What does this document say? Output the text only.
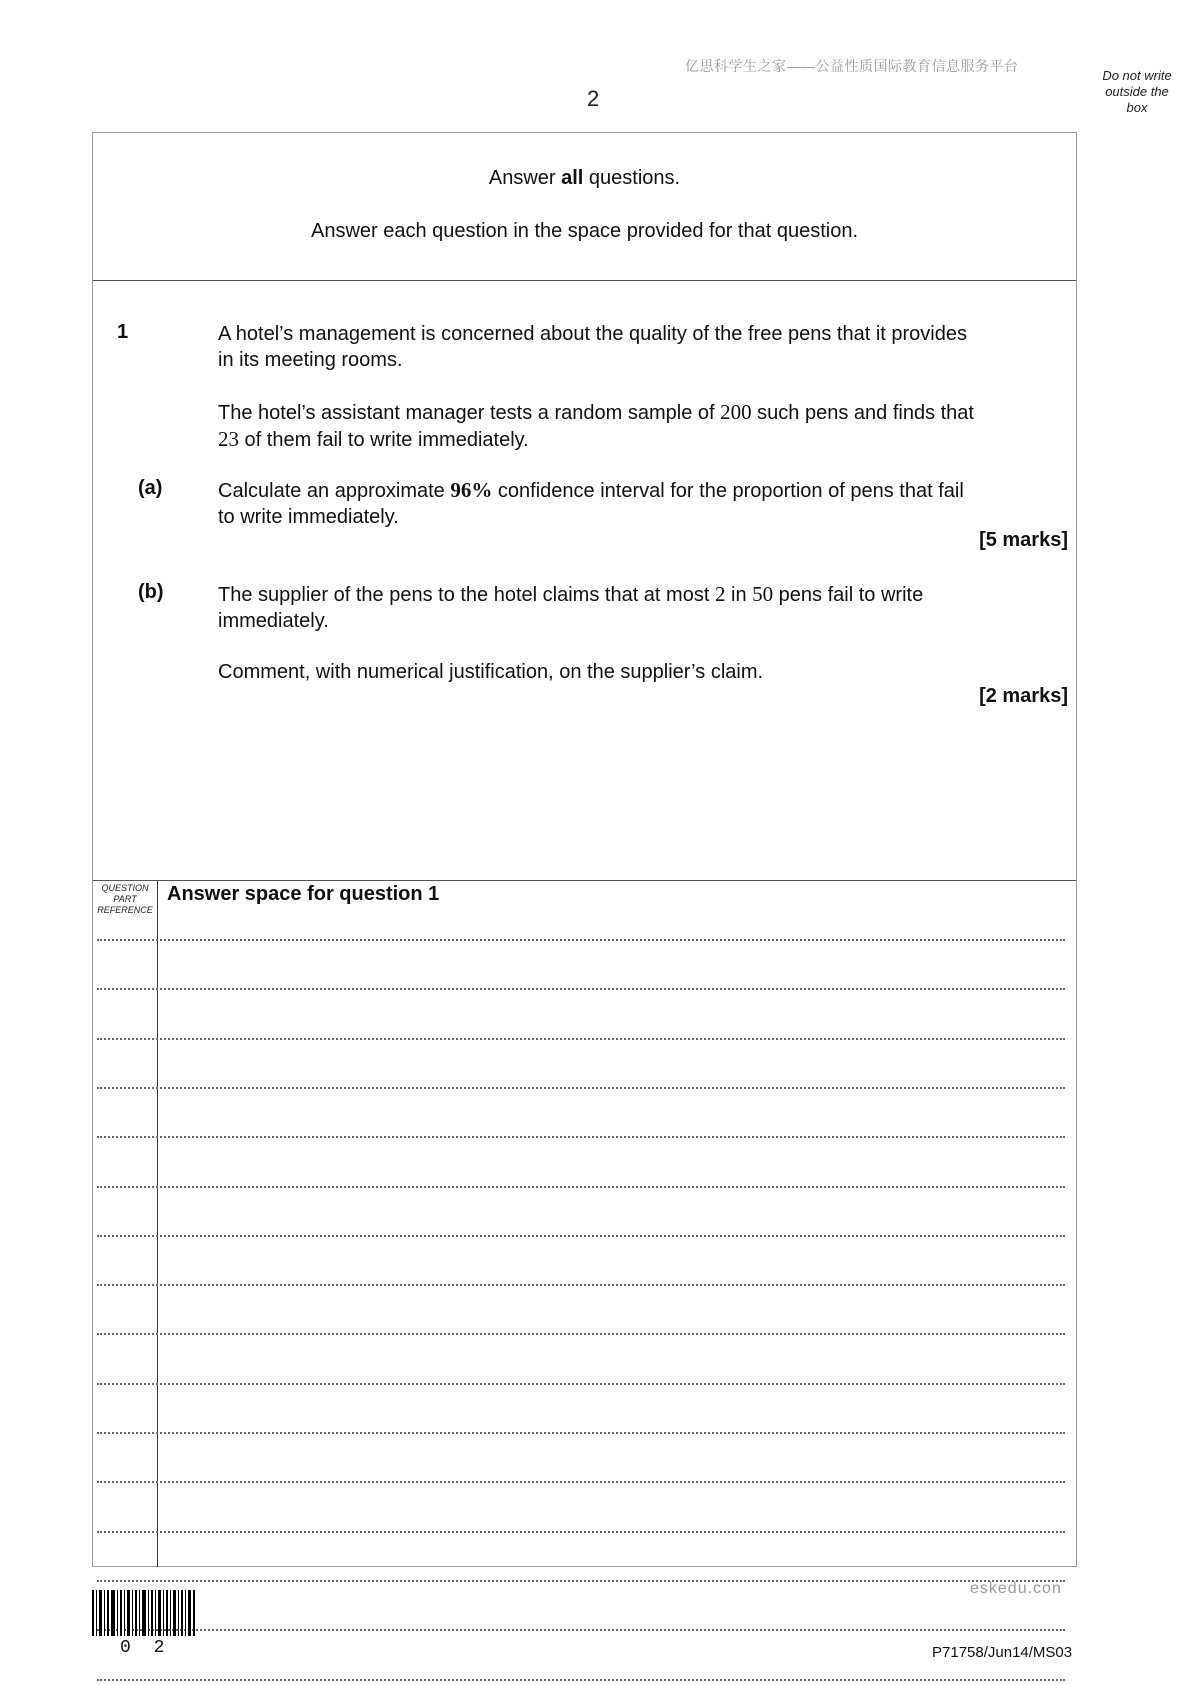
亿思科学生之家——公益性质国际教育信息服务平台
2
Do not write
outside the
box
Answer all questions.
Answer each question in the space provided for that question.
1	A hotel’s management is concerned about the quality of the free pens that it provides
in its meeting rooms.
The hotel’s assistant manager tests a random sample of 200 such pens and finds that
23 of them fail to write immediately.
(a)	Calculate an approximate 96% confidence interval for the proportion of pens that fail
to write immediately.
[5 marks]
(b)	The supplier of the pens to the hotel claims that at most 2 in 50 pens fail to write
immediately.
Comment, with numerical justification, on the supplier’s claim.
[2 marks]
QUESTION
PART
REFERENCE
Answer space for question 1
0 2
eskedu.con
P71758/Jun14/MS03
